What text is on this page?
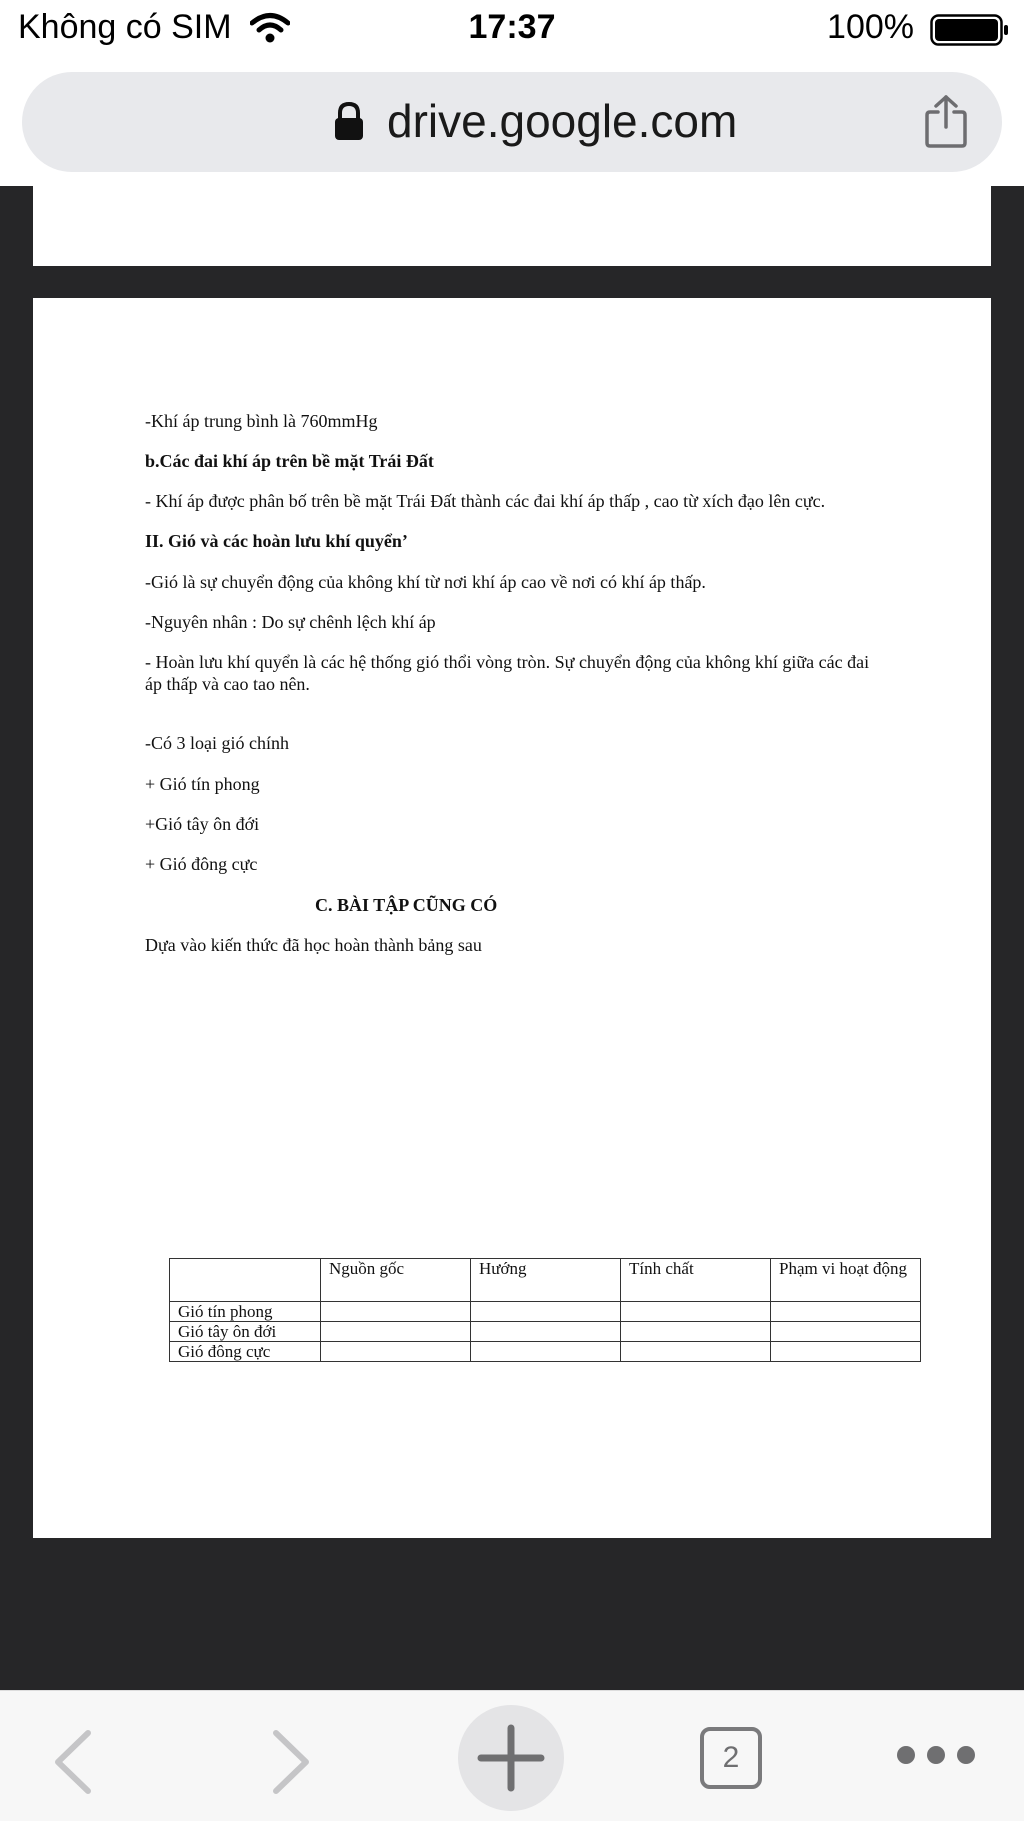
Không có SIM	17:37	100%
drive.google.com

-Khí áp trung bình là 760mmHg

b.Các đai khí áp trên bề mặt Trái Đất

- Khí áp được phân bố trên bề mặt Trái Đất thành các đai khí áp thấp , cao từ xích đạo lên cực.

II. Gió và các hoàn lưu khí quyển’

-Gió là sự chuyển động của không khí từ nơi khí áp cao về nơi có khí áp thấp.

-Nguyên nhân : Do sự chênh lệch khí áp

- Hoàn lưu khí quyển là các hệ thống gió thổi vòng tròn. Sự chuyển động của không khí giữa các đai áp thấp và cao tao nên.

-Có 3 loại gió chính

+ Gió tín phong

+Gió tây ôn đới

+ Gió đông cực

C. BÀI TẬP CŨNG CÓ

Dựa vào kiến thức đã học hoàn thành bảng sau

	Nguồn gốc	Hướng	Tính chất	Phạm vi hoạt động
Gió tín phong				
Gió tây ôn đới				
Gió đông cực				
2
